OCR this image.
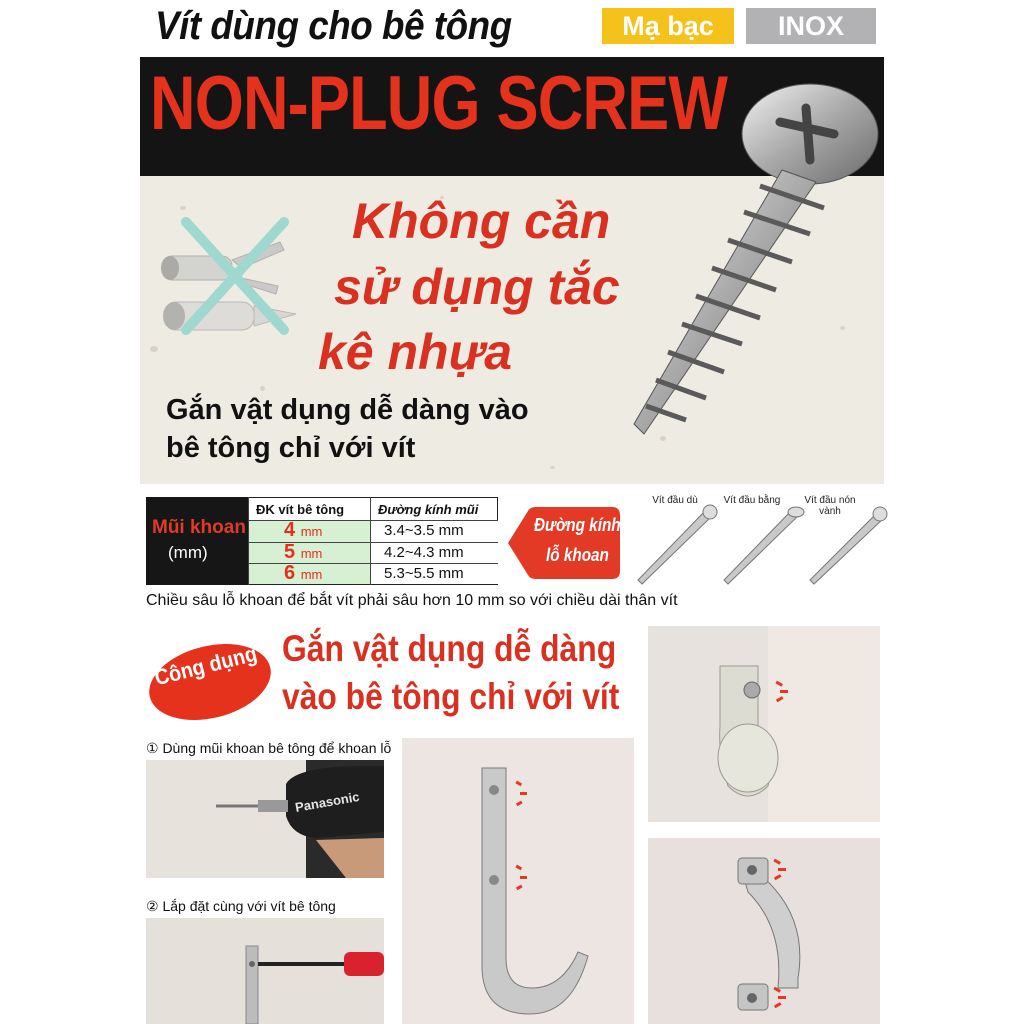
Vít dùng cho bê tông	Mạ bạc	INOX
NON-PLUG SCREW
Không cần
sử dụng tắc
kê nhựa
Gắn vật dụng dễ dàng vào
bê tông chỉ với vít
Mũi khoan
(mm)
ĐK vít bê tông	Đường kính mũi
4 mm	3.4~3.5 mm
5 mm	4.2~4.3 mm
6 mm	5.3~5.5 mm
Đường kính
lỗ khoan
Vít đầu dù	Vít đầu bằng	Vít đầu nón vành
Chiều sâu lỗ khoan để bắt vít phải sâu hơn 10 mm so với chiều dài thân vít
Công dụng Gắn vật dụng dễ dàng
vào bê tông chỉ với vít
① Dùng mũi khoan bê tông để khoan lỗ
② Lắp đặt cùng với vít bê tông
Panasonic
